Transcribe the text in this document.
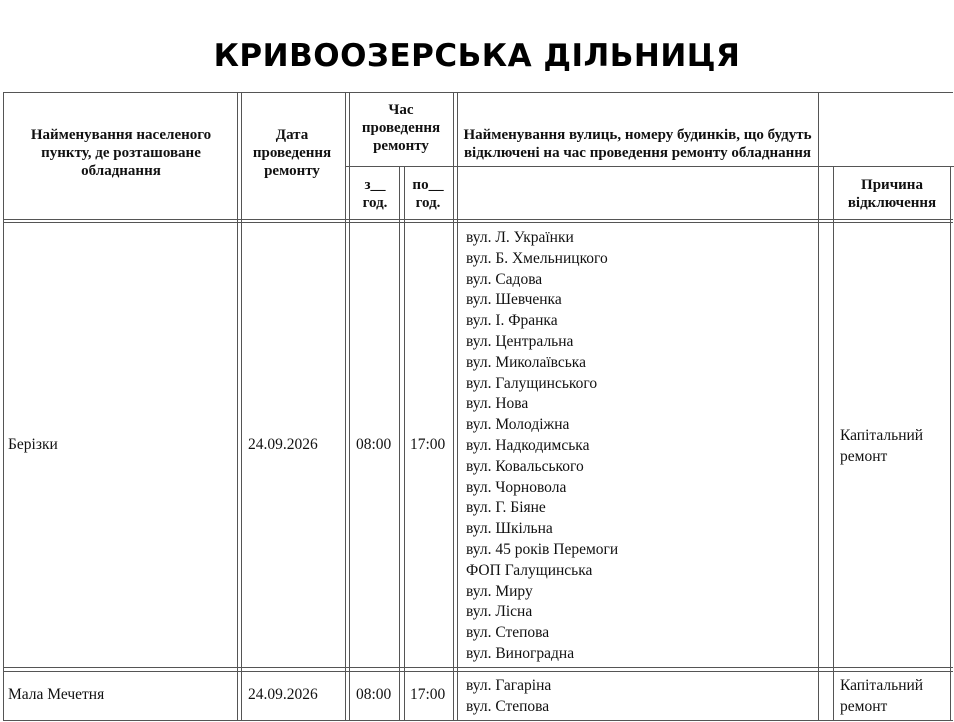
КРИВООЗЕРСЬКА ДІЛЬНИЦЯ
Найменування населеного пункту, де розташоване обладнання
Дата проведення ремонту
Час проведення ремонту
з__ год.
по__ год.
Найменування вулиць, номеру будинків, що будуть відключені на час проведення ремонту обладнання
Причина відключення
Берізки	24.09.2026 08:00 17:00
вул. Л. Українки
вул. Б. Хмельницкого
вул. Садова
вул. Шевченка
вул. І. Франка
вул. Центральна
вул. Миколаївська
вул. Галущинського
вул. Нова
вул. Молодіжна
вул. Надкодимська
вул. Ковальського
вул. Чорновола
вул. Г. Біяне
вул. Шкільна
вул. 45 років Перемоги
ФОП Галущинська
вул. Миру
вул. Лісна
вул. Степова
вул. Виноградна
Капітальний ремонт
Мала Мечетня	24.09.2026 08:00 17:00
вул. Гагаріна
вул. Степова
Капітальний ремонт
